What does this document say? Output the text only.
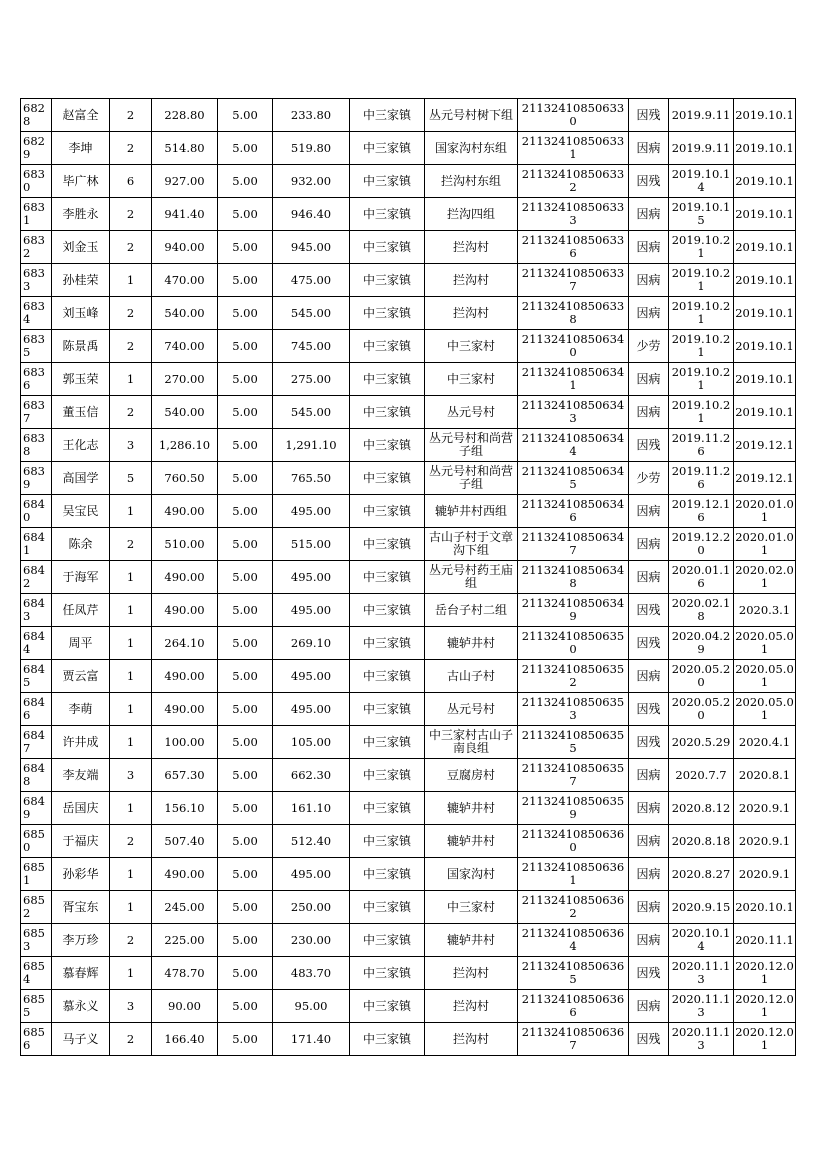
6828	赵富全	2	228.80	5.00	233.80	中三家镇	丛元号村树下组	211324108506330	因残	2019.9.11	2019.10.1
6829	李坤	2	514.80	5.00	519.80	中三家镇	国家沟村东组	211324108506331	因病	2019.9.11	2019.10.1
6830	毕广林	6	927.00	5.00	932.00	中三家镇	拦沟村东组	211324108506332	因残	2019.10.14	2019.10.1
6831	李胜永	2	941.40	5.00	946.40	中三家镇	拦沟四组	211324108506333	因病	2019.10.15	2019.10.1
6832	刘金玉	2	940.00	5.00	945.00	中三家镇	拦沟村	211324108506336	因病	2019.10.21	2019.10.1
6833	孙桂荣	1	470.00	5.00	475.00	中三家镇	拦沟村	211324108506337	因病	2019.10.21	2019.10.1
6834	刘玉峰	2	540.00	5.00	545.00	中三家镇	拦沟村	211324108506338	因病	2019.10.21	2019.10.1
6835	陈景禹	2	740.00	5.00	745.00	中三家镇	中三家村	211324108506340	少劳	2019.10.21	2019.10.1
6836	郭玉荣	1	270.00	5.00	275.00	中三家镇	中三家村	211324108506341	因病	2019.10.21	2019.10.1
6837	董玉信	2	540.00	5.00	545.00	中三家镇	丛元号村	211324108506343	因病	2019.10.21	2019.10.1
6838	王化志	3	1,286.10	5.00	1,291.10	中三家镇	丛元号村和尚营子组	211324108506344	因残	2019.11.26	2019.12.1
6839	高国学	5	760.50	5.00	765.50	中三家镇	丛元号村和尚营子组	211324108506345	少劳	2019.11.26	2019.12.1
6840	吴宝民	1	490.00	5.00	495.00	中三家镇	辘轳井村西组	211324108506346	因病	2019.12.16	2020.01.01
6841	陈余	2	510.00	5.00	515.00	中三家镇	古山子村于文章沟下组	211324108506347	因病	2019.12.20	2020.01.01
6842	于海军	1	490.00	5.00	495.00	中三家镇	丛元号村药王庙组	211324108506348	因病	2020.01.16	2020.02.01
6843	任凤芹	1	490.00	5.00	495.00	中三家镇	岳台子村二组	211324108506349	因残	2020.02.18	2020.3.1
6844	周平	1	264.10	5.00	269.10	中三家镇	辘轳井村	211324108506350	因残	2020.04.29	2020.05.01
6845	贾云富	1	490.00	5.00	495.00	中三家镇	古山子村	211324108506352	因病	2020.05.20	2020.05.01
6846	李萌	1	490.00	5.00	495.00	中三家镇	丛元号村	211324108506353	因残	2020.05.20	2020.05.01
6847	许井成	1	100.00	5.00	105.00	中三家镇	中三家村古山子南良组	211324108506355	因残	2020.5.29	2020.4.1
6848	李友端	3	657.30	5.00	662.30	中三家镇	豆腐房村	211324108506357	因病	2020.7.7	2020.8.1
6849	岳国庆	1	156.10	5.00	161.10	中三家镇	辘轳井村	211324108506359	因病	2020.8.12	2020.9.1
6850	于福庆	2	507.40	5.00	512.40	中三家镇	辘轳井村	211324108506360	因病	2020.8.18	2020.9.1
6851	孙彩华	1	490.00	5.00	495.00	中三家镇	国家沟村	211324108506361	因病	2020.8.27	2020.9.1
6852	胥宝东	1	245.00	5.00	250.00	中三家镇	中三家村	211324108506362	因病	2020.9.15	2020.10.1
6853	李万珍	2	225.00	5.00	230.00	中三家镇	辘轳井村	211324108506364	因病	2020.10.14	2020.11.1
6854	慕春辉	1	478.70	5.00	483.70	中三家镇	拦沟村	211324108506365	因残	2020.11.13	2020.12.01
6855	慕永义	3	90.00	5.00	95.00	中三家镇	拦沟村	211324108506366	因病	2020.11.13	2020.12.01
6856	马子义	2	166.40	5.00	171.40	中三家镇	拦沟村	211324108506367	因残	2020.11.13	2020.12.01
